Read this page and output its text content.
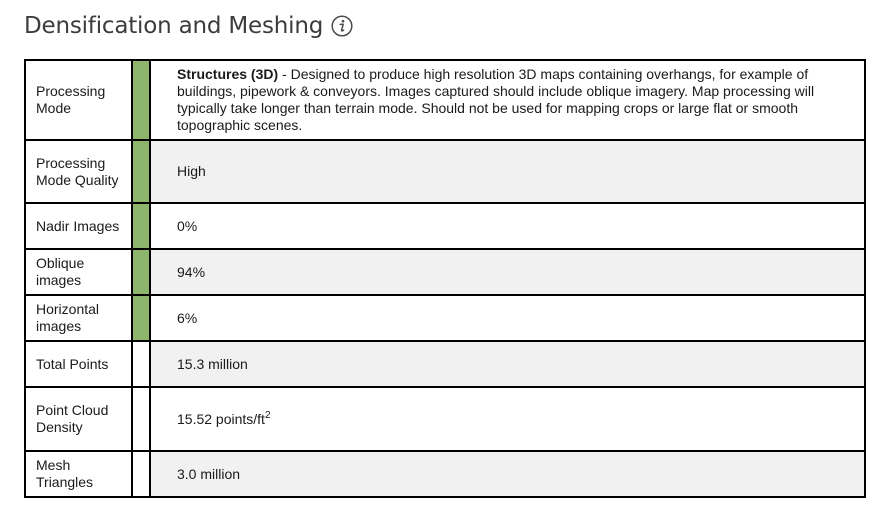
Densification and Meshing
Processing Mode		Structures (3D) - Designed to produce high resolution 3D maps containing overhangs, for example of buildings, pipework & conveyors. Images captured should include oblique imagery. Map processing will typically take longer than terrain mode. Should not be used for mapping crops or large flat or smooth topographic scenes.
Processing Mode Quality		High
Nadir Images		0%
Oblique images		94%
Horizontal images		6%
Total Points		15.3 million
Point Cloud Density		15.52 points/$ft^2$
Mesh Triangles		3.0 million
